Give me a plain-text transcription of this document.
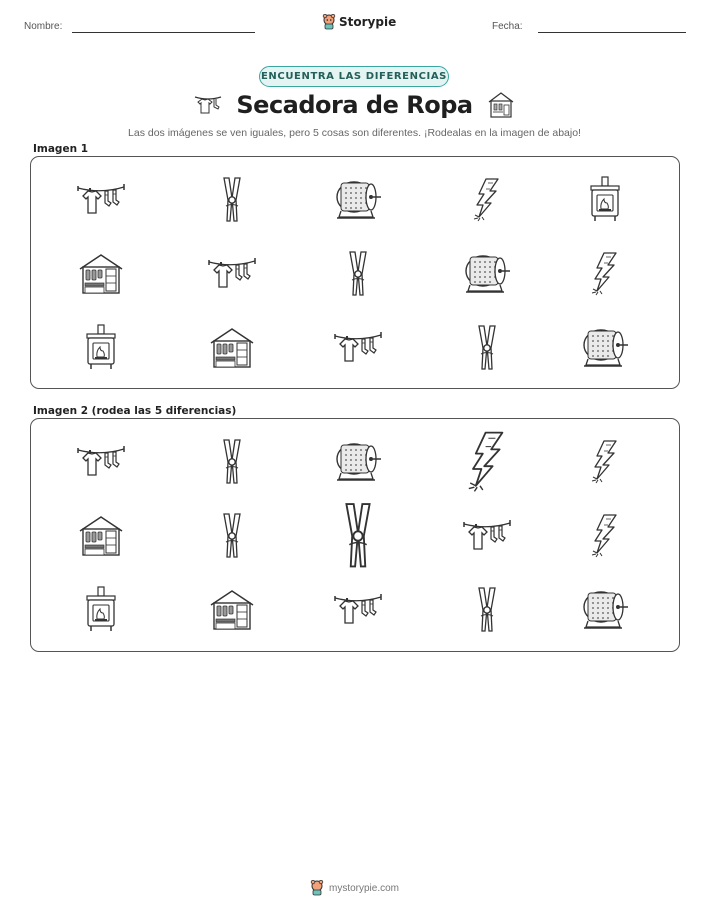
Nombre:	Storypie	Fecha:
ENCUENTRA LAS DIFERENCIAS
Secadora de Ropa
Las dos imágenes se ven iguales, pero 5 cosas son diferentes. ¡Rodealas en la imagen de abajo!
Imagen 1
Imagen 2 (rodea las 5 diferencias)
mystorypie.com
